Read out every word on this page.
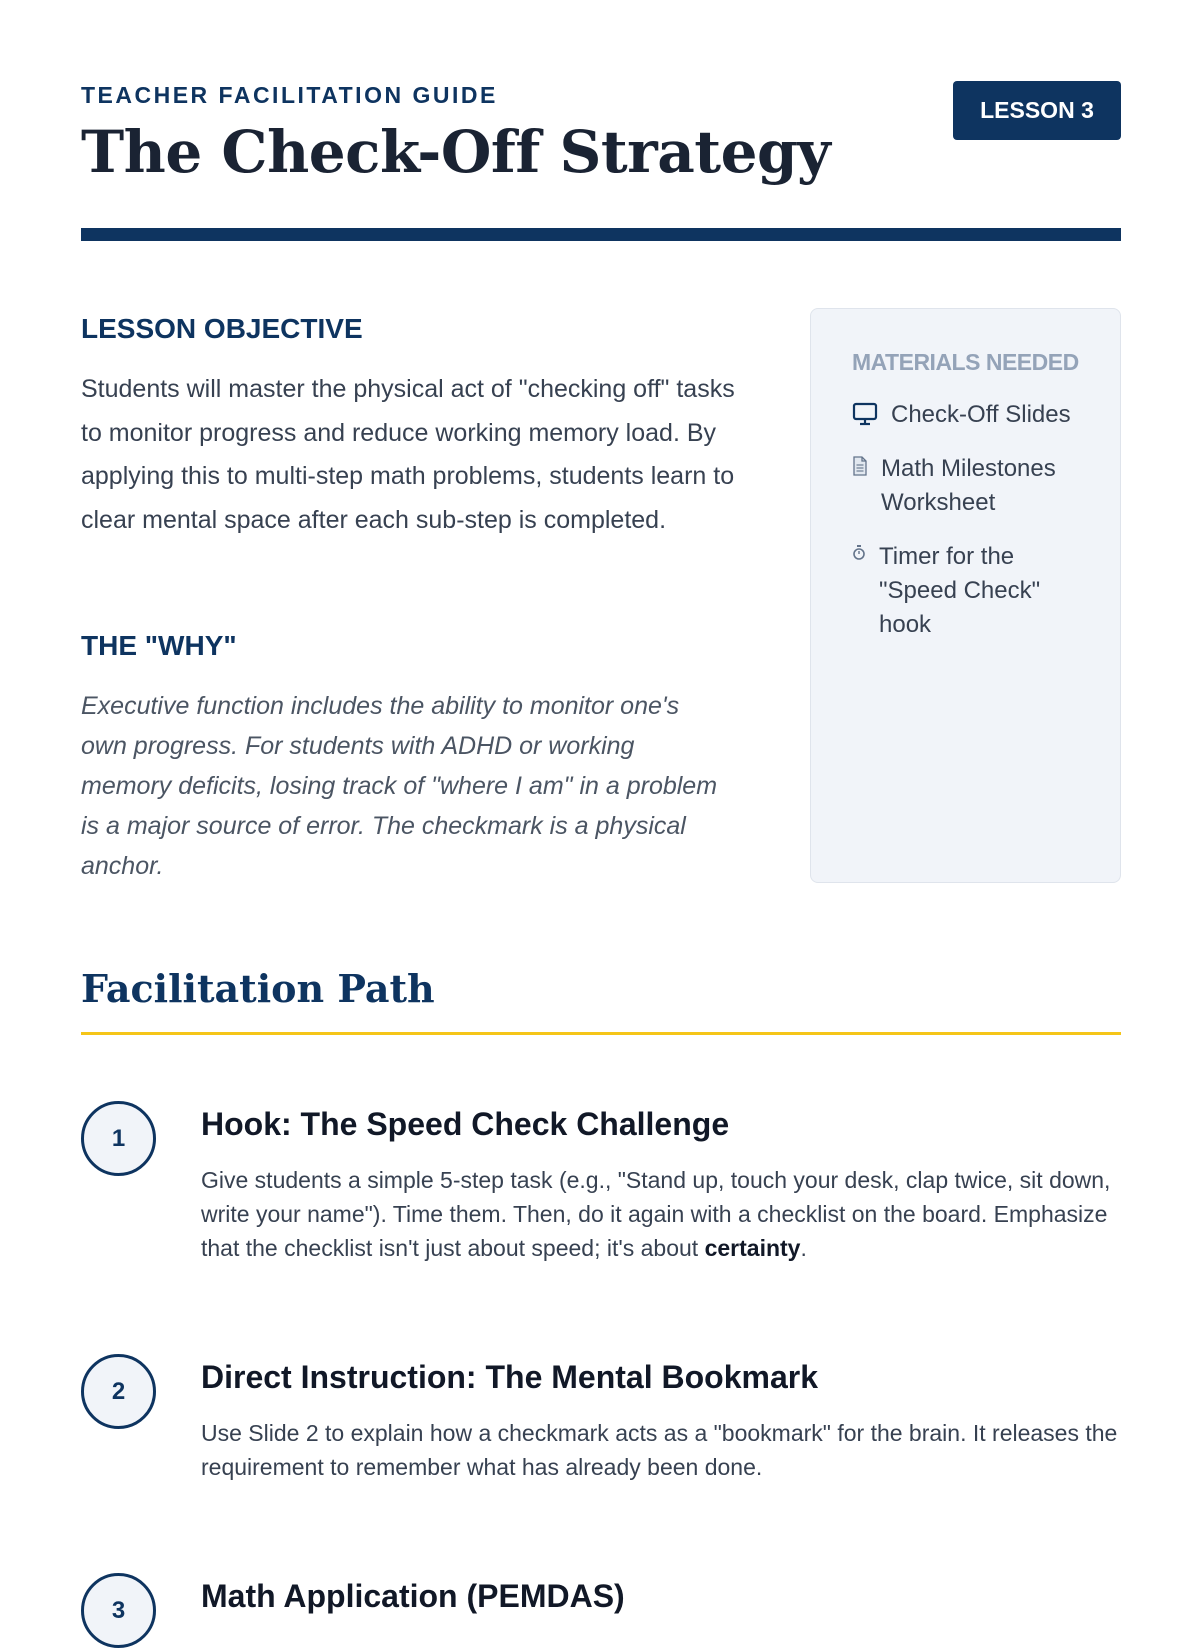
TEACHER FACILITATION GUIDE
The Check-Off Strategy
LESSON 3
LESSON OBJECTIVE

Students will master the physical act of "checking off" tasks to monitor progress and reduce working memory load. By applying this to multi-step math problems, students learn to clear mental space after each sub-step is completed.

THE "WHY"

Executive function includes the ability to monitor one's own progress. For students with ADHD or working memory deficits, losing track of "where I am" in a problem is a major source of error. The checkmark is a physical anchor.

MATERIALS NEEDED
Check-Off Slides
Math Milestones Worksheet
Timer for the "Speed Check" hook
Facilitation Path
1	Hook: The Speed Check Challenge

Give students a simple 5-step task (e.g., "Stand up, touch your desk, clap twice, sit down, write your name"). Time them. Then, do it again with a checklist on the board. Emphasize that the checklist isn't just about speed; it's about certainty.

2	Direct Instruction: The Mental Bookmark

Use Slide 2 to explain how a checkmark acts as a "bookmark" for the brain. It releases the requirement to remember what has already been done.

3	Math Application (PEMDAS)
